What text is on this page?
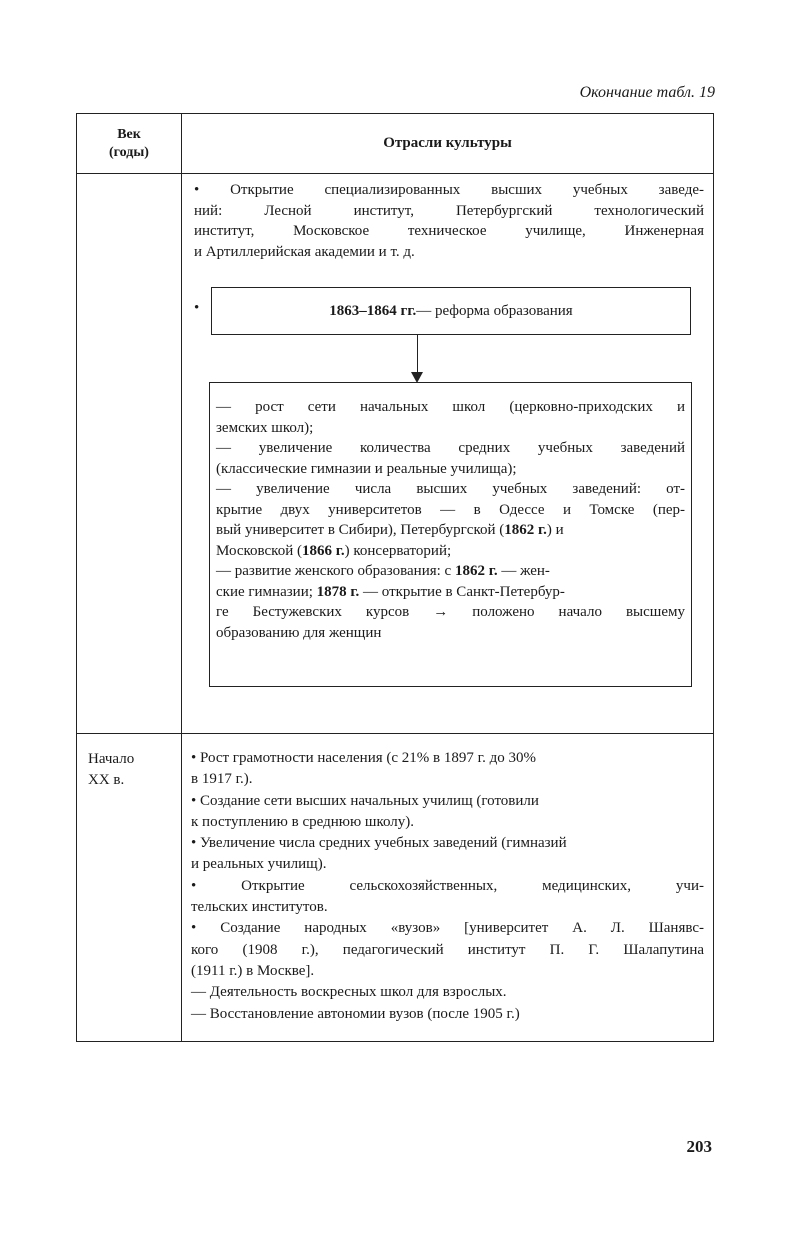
Окончание табл. 19
Век
(годы)
Отрасли культуры
• Открытие специализированных высших учебных заведе-
ний: Лесной институт, Петербургский технологический
институт, Московское техническое училище, Инженерная
и Артиллерийская академии и т. д.
•	1863–1864 гг. — реформа образования
— рост сети начальных школ (церковно-приходских и
земских школ);
— увеличение количества средних учебных заведений
(классические гимназии и реальные училища);
— увеличение числа высших учебных заведений: от-
крытие двух университетов — в Одессе и Томске (пер-
вый университет в Сибири), Петербургской (1862 г.) и
Московской (1866 г.) консерваторий;
— развитие женского образования: с 1862 г. — жен-
ские гимназии; 1878 г. — открытие в Санкт-Петербур-
ге Бестужевских курсов → положено начало высшему
образованию для женщин
Начало
XX в.
• Рост грамотности населения (с 21% в 1897 г. до 30%
в 1917 г.).
• Создание сети высших начальных училищ (готовили
к поступлению в среднюю школу).
• Увеличение числа средних учебных заведений (гимназий
и реальных училищ).
• Открытие сельскохозяйственных, медицинских, учи-
тельских институтов.
• Создание народных «вузов» [университет А. Л. Шанявс-
кого (1908 г.), педагогический институт П. Г. Шалапутина
(1911 г.) в Москве].
— Деятельность воскресных школ для взрослых.
— Восстановление автономии вузов (после 1905 г.)
203
